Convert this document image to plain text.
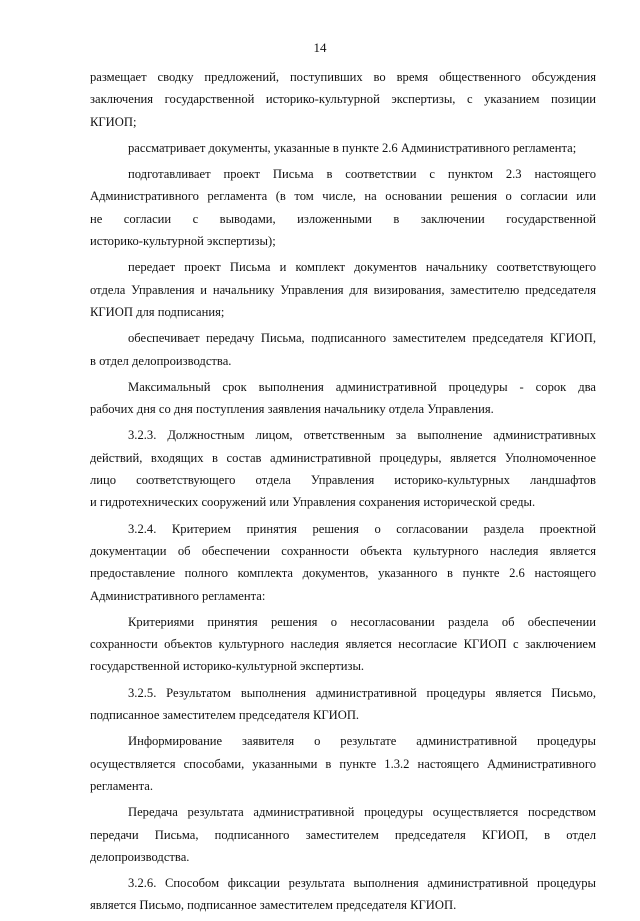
14
размещает сводку предложений, поступивших во время общественного обсуждения
заключения государственной историко-культурной экспертизы, с указанием позиции
КГИОП;
рассматривает документы, указанные в пункте 2.6 Административного регламента;
подготавливает проект Письма в соответствии с пунктом 2.3 настоящего
Административного регламента (в том числе, на основании решения о согласии или
не согласии с выводами, изложенными в заключении государственной
историко-культурной экспертизы);
передает проект Письма и комплект документов начальнику соответствующего
отдела Управления и начальнику Управления для визирования, заместителю председателя
КГИОП для подписания;
обеспечивает передачу Письма, подписанного заместителем председателя КГИОП,
в отдел делопроизводства.
Максимальный срок выполнения административной процедуры - сорок два
рабочих дня со дня поступления заявления начальнику отдела Управления.
3.2.3. Должностным лицом, ответственным за выполнение административных
действий, входящих в состав административной процедуры, является Уполномоченное
лицо соответствующего отдела Управления историко-культурных ландшафтов
и гидротехнических сооружений или Управления сохранения исторической среды.
3.2.4. Критерием принятия решения о согласовании раздела проектной
документации об обеспечении сохранности объекта культурного наследия является
предоставление полного комплекта документов, указанного в пункте 2.6 настоящего
Административного регламента:
Критериями принятия решения о несогласовании раздела об обеспечении
сохранности объектов культурного наследия является несогласие КГИОП с заключением
государственной историко-культурной экспертизы.
3.2.5. Результатом выполнения административной процедуры является Письмо,
подписанное заместителем председателя КГИОП.
Информирование заявителя о результате административной процедуры
осуществляется способами, указанными в пункте 1.3.2 настоящего Административного
регламента.
Передача результата административной процедуры осуществляется посредством
передачи Письма, подписанного заместителем председателя КГИОП, в отдел
делопроизводства.
3.2.6. Способом фиксации результата выполнения административной процедуры
является Письмо, подписанное заместителем председателя КГИОП.
